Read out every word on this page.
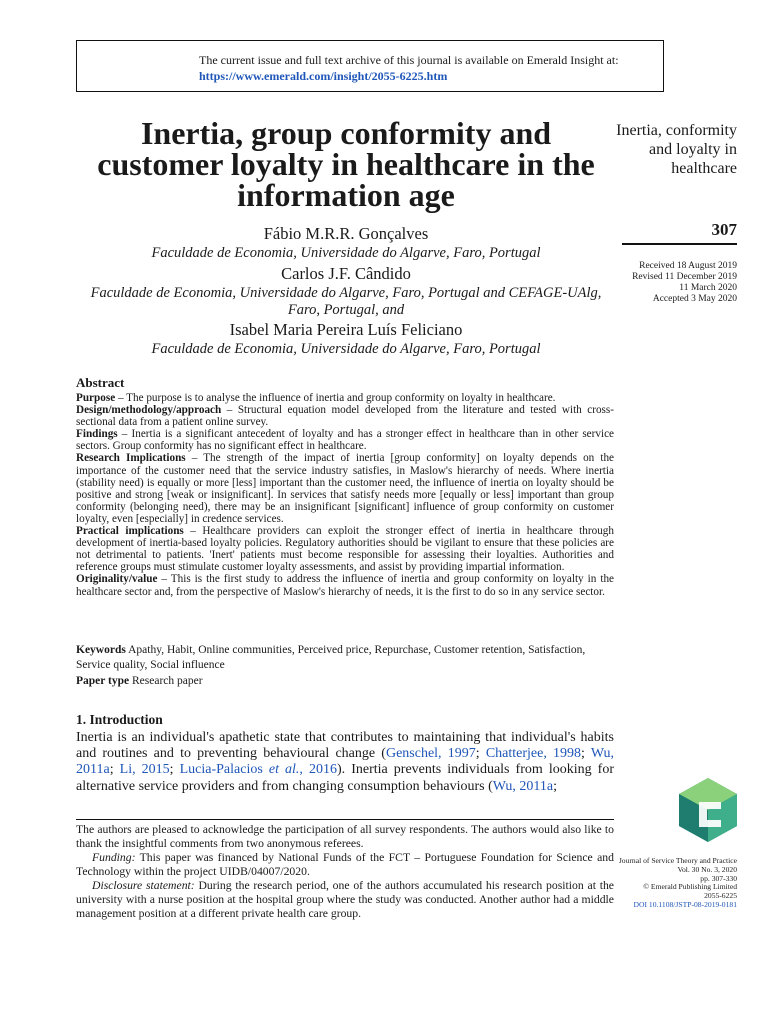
The current issue and full text archive of this journal is available on Emerald Insight at:
https://www.emerald.com/insight/2055-6225.htm
Inertia, group conformity and customer loyalty in healthcare in the information age
Fábio M.R.R. Gonçalves
Faculdade de Economia, Universidade do Algarve, Faro, Portugal
Carlos J.F. Cândido
Faculdade de Economia, Universidade do Algarve, Faro, Portugal and CEFAGE-UAlg, Faro, Portugal, and
Isabel Maria Pereira Luís Feliciano
Faculdade de Economia, Universidade do Algarve, Faro, Portugal
Inertia, conformity and loyalty in healthcare
307
Received 18 August 2019
Revised 11 December 2019
11 March 2020
Accepted 3 May 2020
Abstract

Purpose – The purpose is to analyse the influence of inertia and group conformity on loyalty in healthcare.

Design/methodology/approach – Structural equation model developed from the literature and tested with cross-sectional data from a patient online survey.

Findings – Inertia is a significant antecedent of loyalty and has a stronger effect in healthcare than in other service sectors. Group conformity has no significant effect in healthcare.

Research Implications – The strength of the impact of inertia [group conformity] on loyalty depends on the importance of the customer need that the service industry satisfies, in Maslow's hierarchy of needs. Where inertia (stability need) is equally or more [less] important than the customer need, the influence of inertia on loyalty should be positive and strong [weak or insignificant]. In services that satisfy needs more [equally or less] important than group conformity (belonging need), there may be an insignificant [significant] influence of group conformity on customer loyalty, even [especially] in credence services.

Practical implications – Healthcare providers can exploit the stronger effect of inertia in healthcare through development of inertia-based loyalty policies. Regulatory authorities should be vigilant to ensure that these policies are not detrimental to patients. 'Inert' patients must become responsible for assessing their loyalties. Authorities and reference groups must stimulate customer loyalty assessments, and assist by providing impartial information.

Originality/value – This is the first study to address the influence of inertia and group conformity on loyalty in the healthcare sector and, from the perspective of Maslow's hierarchy of needs, it is the first to do so in any service sector.

Keywords Apathy, Habit, Online communities, Perceived price, Repurchase, Customer retention, Satisfaction, Service quality, Social influence
Paper type Research paper
1. Introduction
Inertia is an individual's apathetic state that contributes to maintaining that individual's habits and routines and to preventing behavioural change (Genschel, 1997; Chatterjee, 1998; Wu, 2011a; Li, 2015; Lucia-Palacios et al., 2016). Inertia prevents individuals from looking for alternative service providers and from changing consumption behaviours (Wu, 2011a;

The authors are pleased to acknowledge the participation of all survey respondents. The authors would also like to thank the insightful comments from two anonymous referees.

Funding: This paper was financed by National Funds of the FCT – Portuguese Foundation for Science and Technology within the project UIDB/04007/2020.

Disclosure statement: During the research period, one of the authors accumulated his research position at the university with a nurse position at the hospital group where the study was conducted. Another author had a middle management position at a different private health care group.

Journal of Service Theory and Practice
Vol. 30 No. 3, 2020
pp. 307-330
© Emerald Publishing Limited
2055-6225
DOI 10.1108/JSTP-08-2019-0181
